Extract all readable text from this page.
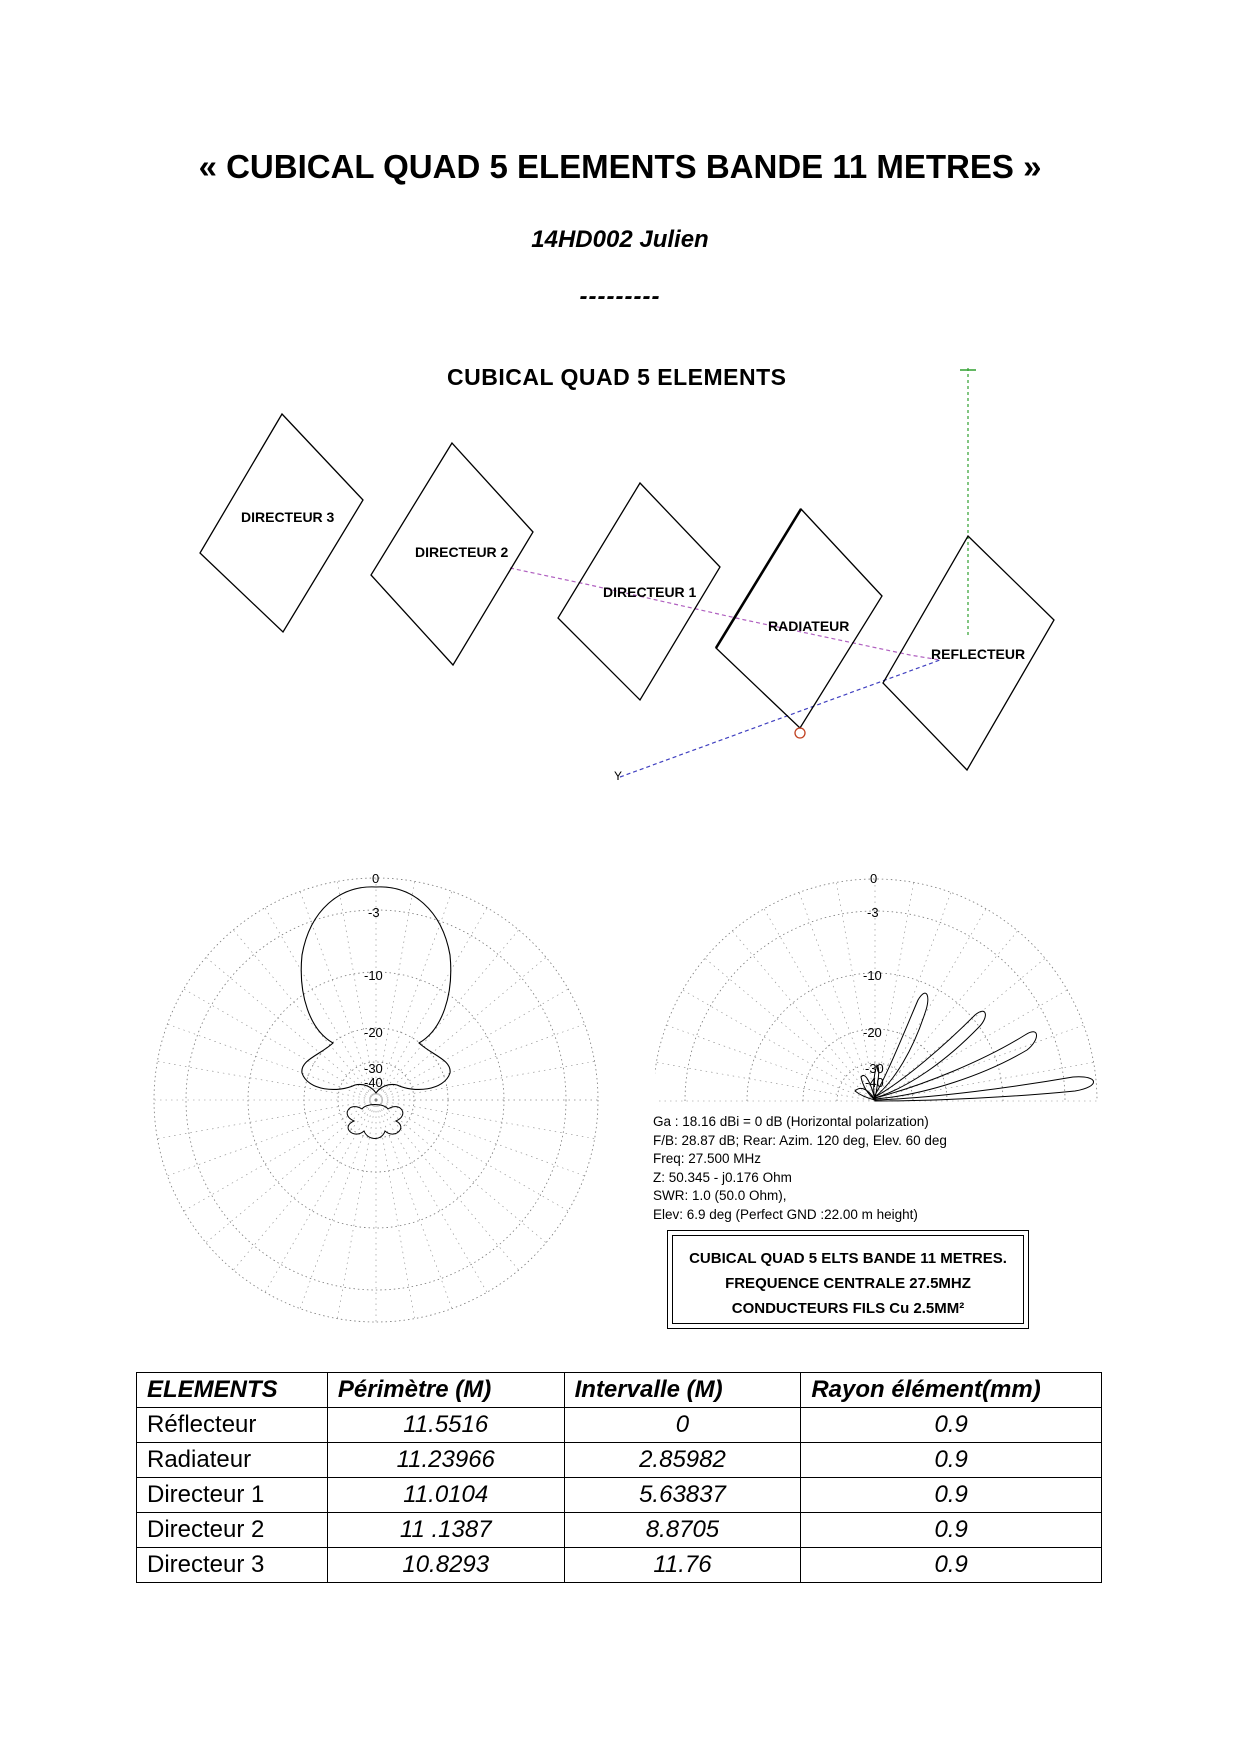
« CUBICAL QUAD 5 ELEMENTS BANDE 11 METRES »
14HD002 Julien
---------
CUBICAL QUAD 5 ELEMENTS
Y
DIRECTEUR 3
DIRECTEUR 2
DIRECTEUR 1
RADIATEUR
REFLECTEUR
0
-3
-10
-20
-30
-40
0
-3
-10
-20
-30
-40
Ga : 18.16 dBi = 0 dB (Horizontal polarization)
F/B: 28.87 dB; Rear: Azim. 120 deg, Elev. 60 deg
Freq: 27.500 MHz
Z: 50.345 - j0.176 Ohm
SWR: 1.0 (50.0 Ohm),
Elev: 6.9 deg (Perfect GND :22.00 m height)
CUBICAL QUAD 5 ELTS BANDE 11 METRES.
FREQUENCE CENTRALE 27.5MHZ
CONDUCTEURS FILS Cu 2.5MM²
ELEMENTS	Périmètre (M)	Intervalle (M)	Rayon élément(mm)
Réflecteur	11.5516	0	0.9
Radiateur	11.23966	2.85982	0.9
Directeur 1	11.0104	5.63837	0.9
Directeur 2	11 .1387	8.8705	0.9
Directeur 3	10.8293	11.76	0.9
